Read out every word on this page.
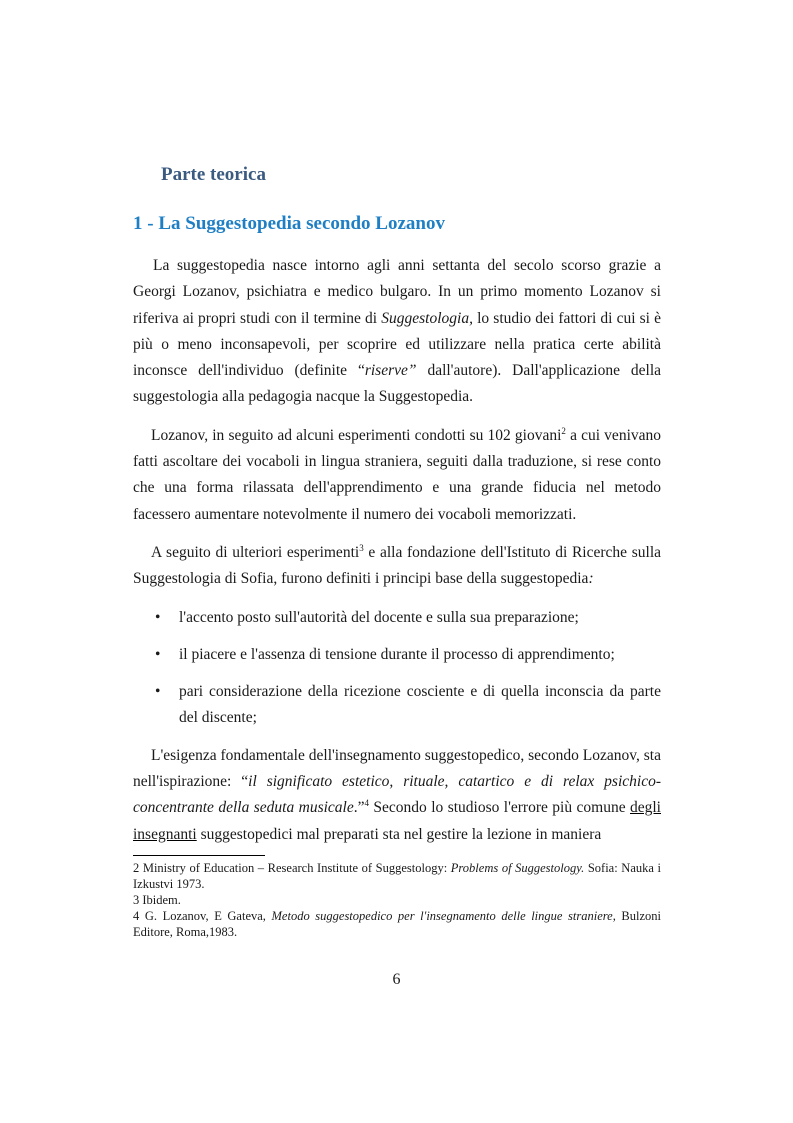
Parte teorica
1 - La Suggestopedia secondo Lozanov

La suggestopedia nasce intorno agli anni settanta del secolo scorso grazie a Georgi Lozanov, psichiatra e medico bulgaro. In un primo momento Lozanov si riferiva ai propri studi con il termine di Suggestologia, lo studio dei fattori di cui si è più o meno inconsapevoli, per scoprire ed utilizzare nella pratica certe abilità inconsce dell'individuo (definite “riserve” dall'autore). Dall'applicazione della suggestologia alla pedagogia nacque la Suggestopedia.

Lozanov, in seguito ad alcuni esperimenti condotti su 102 giovani$^2$ a cui venivano fatti ascoltare dei vocaboli in lingua straniera, seguiti dalla traduzione, si rese conto che una forma rilassata dell'apprendimento e una grande fiducia nel metodo facessero aumentare notevolmente il numero dei vocaboli memorizzati.

A seguito di ulteriori esperimenti$^3$ e alla fondazione dell'Istituto di Ricerche sulla Suggestologia di Sofia, furono definiti i principi base della suggestopedia:

• l'accento posto sull'autorità del docente e sulla sua preparazione;
• il piacere e l'assenza di tensione durante il processo di apprendimento;
• pari considerazione della ricezione cosciente e di quella inconscia da parte del discente;

L'esigenza fondamentale dell'insegnamento suggestopedico, secondo Lozanov, sta nell'ispirazione: “il significato estetico, rituale, catartico e di relax psichico-concentrante della seduta musicale.”$^4$ Secondo lo studioso l'errore più comune degli insegnanti suggestopedici mal preparati sta nel gestire la lezione in maniera

2 Ministry of Education – Research Institute of Suggestology: Problems of Suggestology. Sofia: Nauka i Izkustvi 1973.
3 Ibidem.
4 G. Lozanov, E Gateva, Metodo suggestopedico per l'insegnamento delle lingue straniere, Bulzoni Editore, Roma,1983.
6
